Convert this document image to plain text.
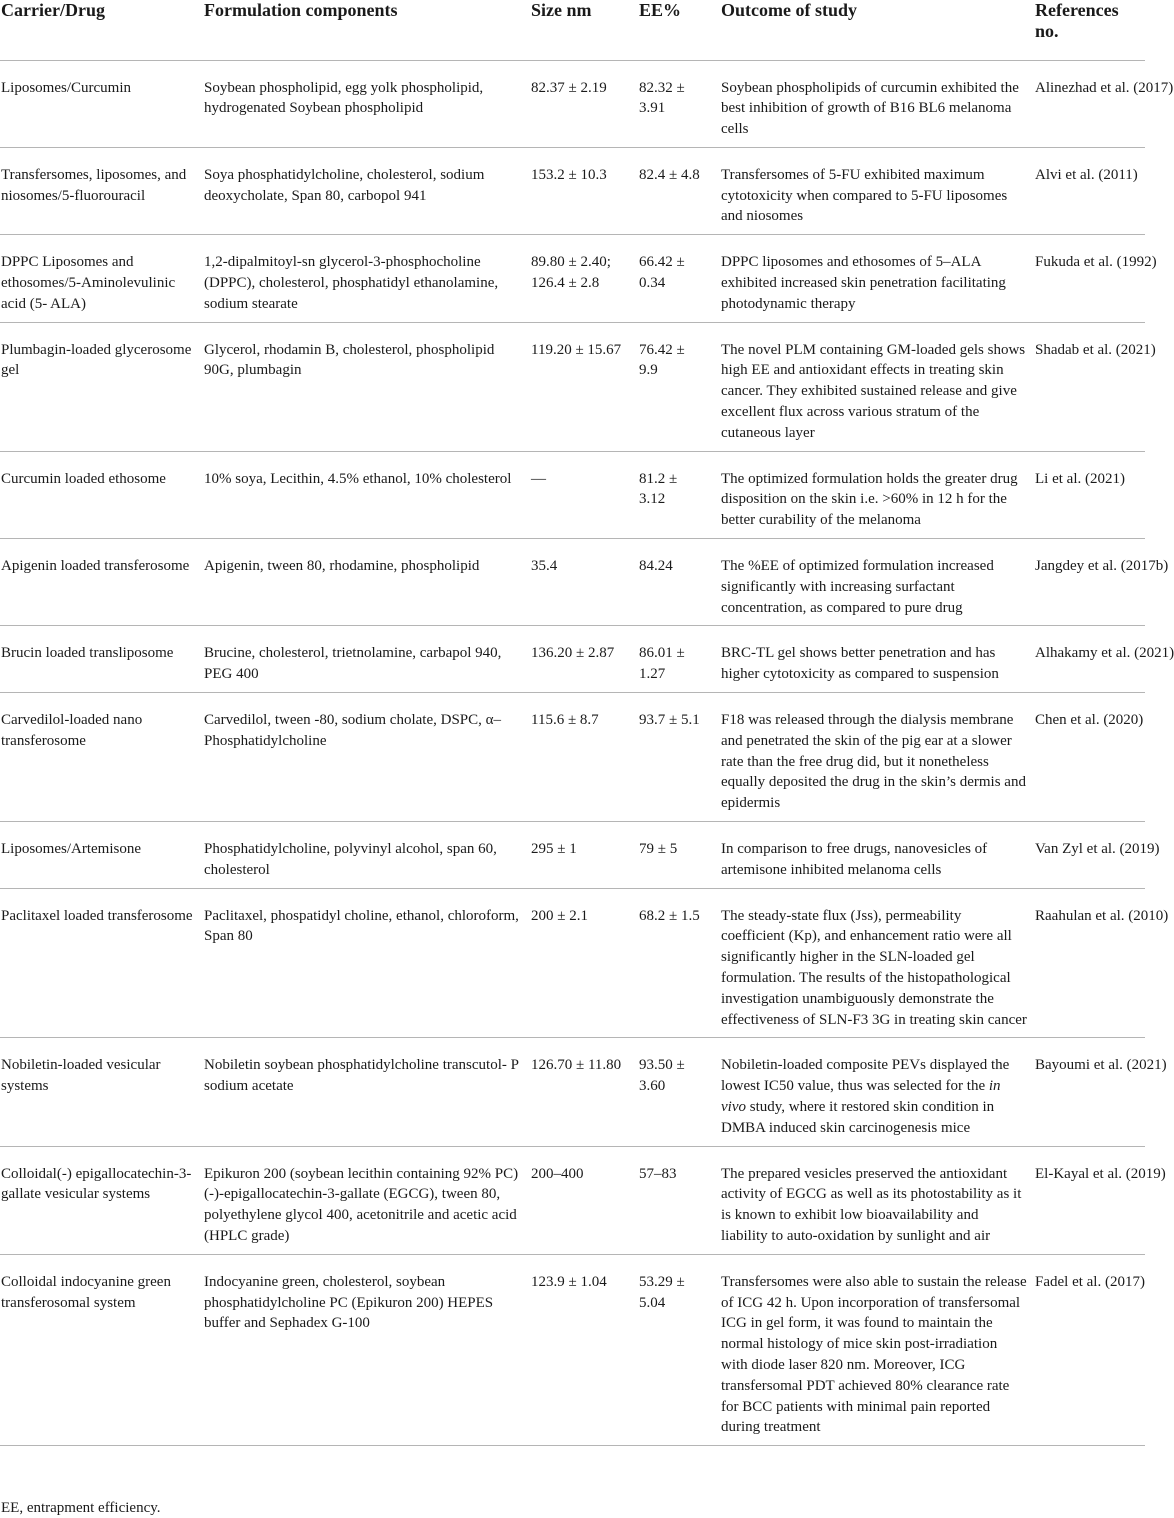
Carrier/Drug	Formulation components	Size nm	EE%	Outcome of study	References no.
Liposomes/Curcumin	Soybean phospholipid, egg yolk phospholipid, hydrogenated Soybean phospholipid	82.37 ± 2.19	82.32 ± 3.91	Soybean phospholipids of curcumin exhibited the best inhibition of growth of B16 BL6 melanoma cells	Alinezhad et al. (2017)
Transfersomes, liposomes, and niosomes/5-fluorouracil	Soya phosphatidylcholine, cholesterol, sodium deoxycholate, Span 80, carbopol 941	153.2 ± 10.3	82.4 ± 4.8	Transfersomes of 5-FU exhibited maximum cytotoxicity when compared to 5-FU liposomes and niosomes	Alvi et al. (2011)
DPPC Liposomes and ethosomes/5-Aminolevulinic acid (5- ALA)	1,2-dipalmitoyl-sn glycerol-3-phosphocholine (DPPC), cholesterol, phosphatidyl ethanolamine, sodium stearate	89.80 ± 2.40; 126.4 ± 2.8	66.42 ± 0.34	DPPC liposomes and ethosomes of 5–ALA exhibited increased skin penetration facilitating photodynamic therapy	Fukuda et al. (1992)
Plumbagin-loaded glycerosome gel	Glycerol, rhodamin B, cholesterol, phospholipid 90G, plumbagin	119.20 ± 15.67	76.42 ± 9.9	The novel PLM containing GM-loaded gels shows high EE and antioxidant effects in treating skin cancer. They exhibited sustained release and give excellent flux across various stratum of the cutaneous layer	Shadab et al. (2021)
Curcumin loaded ethosome	10% soya, Lecithin, 4.5% ethanol, 10% cholesterol	—	81.2 ± 3.12	The optimized formulation holds the greater drug disposition on the skin i.e. >60% in 12 h for the better curability of the melanoma	Li et al. (2021)
Apigenin loaded transferosome	Apigenin, tween 80, rhodamine, phospholipid	35.4	84.24	The %EE of optimized formulation increased significantly with increasing surfactant concentration, as compared to pure drug	Jangdey et al. (2017b)
Brucin loaded transliposome	Brucine, cholesterol, trietnolamine, carbapol 940, PEG 400	136.20 ± 2.87	86.01 ± 1.27	BRC-TL gel shows better penetration and has higher cytotoxicity as compared to suspension	Alhakamy et al. (2021)
Carvedilol-loaded nano transferosome	Carvedilol, tween -80, sodium cholate, DSPC, α–Phosphatidylcholine	115.6 ± 8.7	93.7 ± 5.1	F18 was released through the dialysis membrane and penetrated the skin of the pig ear at a slower rate than the free drug did, but it nonetheless equally deposited the drug in the skin’s dermis and epidermis	Chen et al. (2020)
Liposomes/Artemisone	Phosphatidylcholine, polyvinyl alcohol, span 60, cholesterol	295 ± 1	79 ± 5	In comparison to free drugs, nanovesicles of artemisone inhibited melanoma cells	Van Zyl et al. (2019)
Paclitaxel loaded transferosome	Paclitaxel, phospatidyl choline, ethanol, chloroform, Span 80	200 ± 2.1	68.2 ± 1.5	The steady-state flux (Jss), permeability coefficient (Kp), and enhancement ratio were all significantly higher in the SLN-loaded gel formulation. The results of the histopathological investigation unambiguously demonstrate the effectiveness of SLN-F3 3G in treating skin cancer	Raahulan et al. (2010)
Nobiletin-loaded vesicular systems	Nobiletin soybean phosphatidylcholine transcutol- P sodium acetate	126.70 ± 11.80	93.50 ± 3.60	Nobiletin-loaded composite PEVs displayed the lowest IC50 value, thus was selected for the in vivo study, where it restored skin condition in DMBA induced skin carcinogenesis mice	Bayoumi et al. (2021)
Colloidal(-) epigallocatechin-3-gallate vesicular systems	Epikuron 200 (soybean lecithin containing 92% PC) (-)-epigallocatechin-3-gallate (EGCG), tween 80, polyethylene glycol 400, acetonitrile and acetic acid (HPLC grade)	200–400	57–83	The prepared vesicles preserved the antioxidant activity of EGCG as well as its photostability as it is known to exhibit low bioavailability and liability to auto-oxidation by sunlight and air	El-Kayal et al. (2019)
Colloidal indocyanine green transferosomal system	Indocyanine green, cholesterol, soybean phosphatidylcholine PC (Epikuron 200) HEPES buffer and Sephadex G-100	123.9 ± 1.04	53.29 ± 5.04	Transfersomes were also able to sustain the release of ICG 42 h. Upon incorporation of transfersomal ICG in gel form, it was found to maintain the normal histology of mice skin post-irradiation with diode laser 820 nm. Moreover, ICG transfersomal PDT achieved 80% clearance rate for BCC patients with minimal pain reported during treatment	Fadel et al. (2017)
EE, entrapment efficiency.
